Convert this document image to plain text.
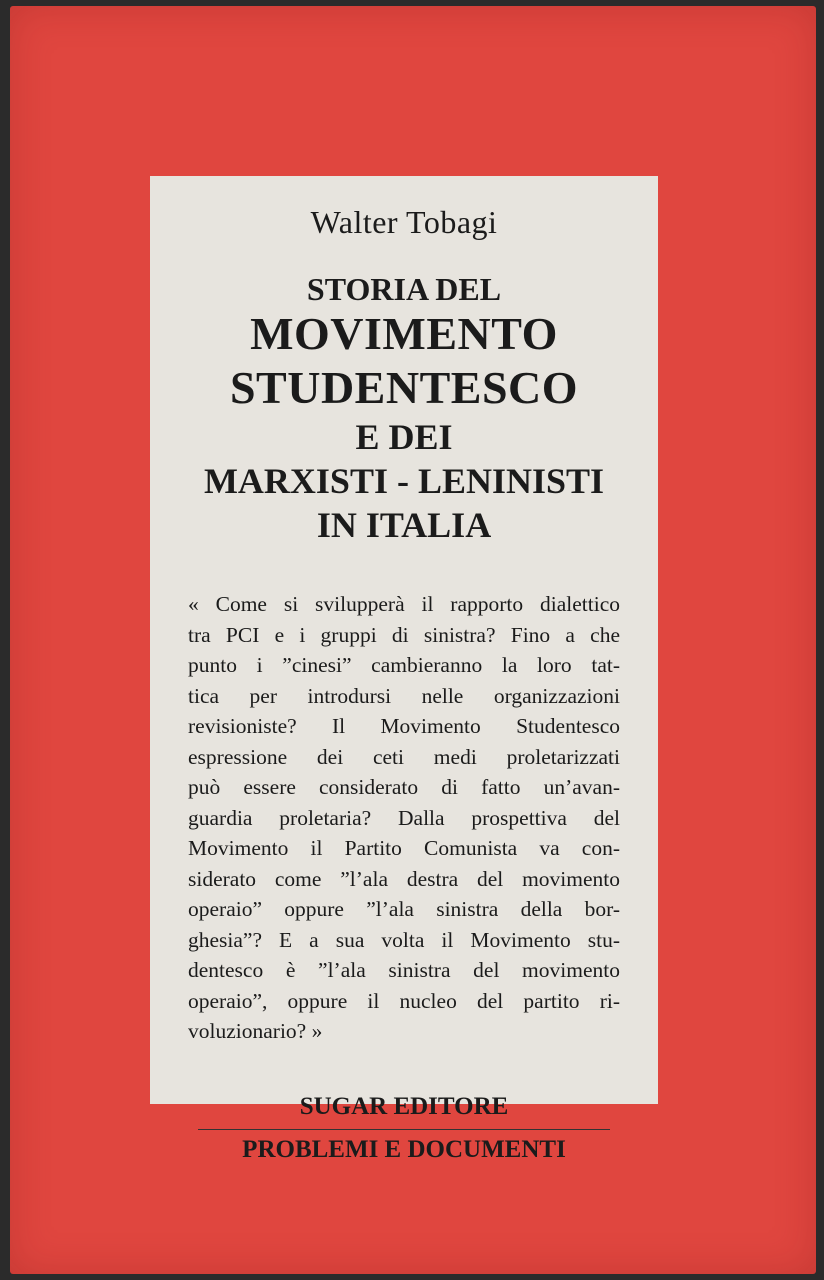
Walter Tobagi
STORIA DEL
MOVIMENTO
STUDENTESCO
E DEI
MARXISTI - LENINISTI
IN ITALIA
« Come si svilupperà il rapporto dialettico
tra PCI e i gruppi di sinistra? Fino a che
punto i ”cinesi” cambieranno la loro tat-
tica per introdursi nelle organizzazioni
revisioniste? Il Movimento Studentesco
espressione dei ceti medi proletarizzati
può essere considerato di fatto un’avan-
guardia proletaria? Dalla prospettiva del
Movimento il Partito Comunista va con-
siderato come ”l’ala destra del movimento
operaio” oppure ”l’ala sinistra della bor-
ghesia”? E a sua volta il Movimento stu-
dentesco è ”l’ala sinistra del movimento
operaio”, oppure il nucleo del partito ri-
voluzionario? »
SUGAR EDITORE
PROBLEMI E DOCUMENTI
